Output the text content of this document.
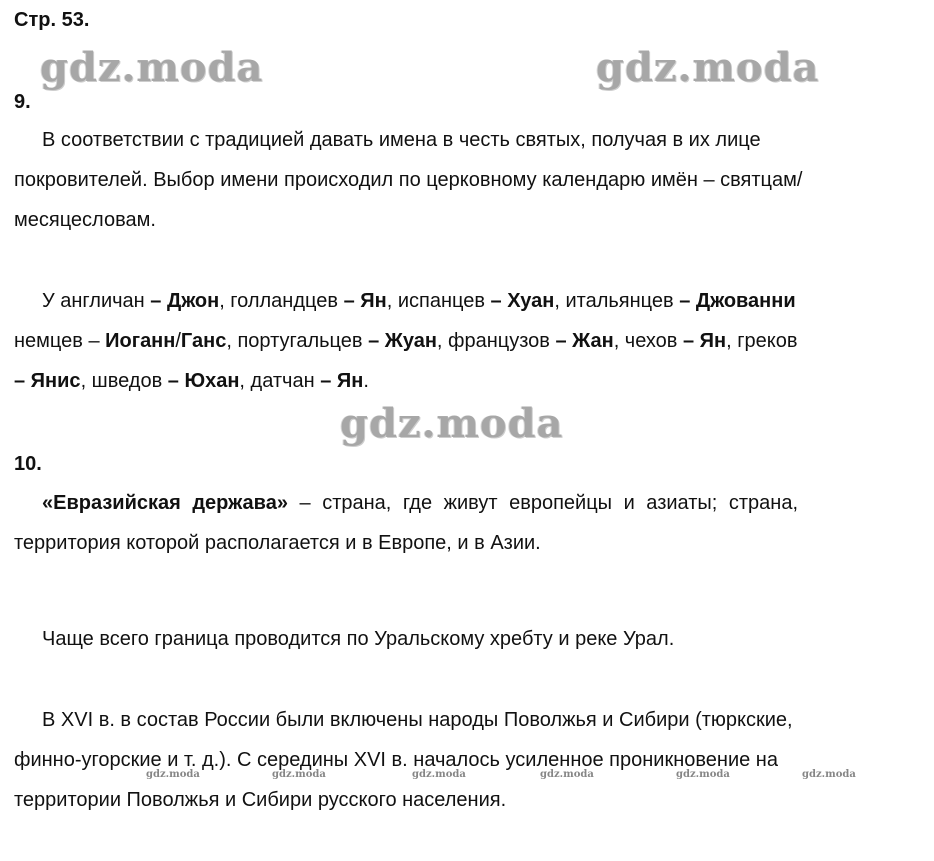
Стр. 53.
gdz.moda	gdz.moda
gdz.moda
9.
В соответствии с традицией давать имена в честь святых, получая в их лице
покровителей. Выбор имени происходил по церковному календарю имён – святцам/
месяцесловам.
У англичан – Джон, голландцев – Ян, испанцев – Хуан, итальянцев – Джованни
немцев – Иоганн/Ганс, португальцев – Жуан, французов – Жан, чехов – Ян, греков
– Янис, шведов – Юхан, датчан – Ян.
10.
«Евразийская держава» – страна, где живут европейцы и азиаты; страна,
территория которой располагается и в Европе, и в Азии.
Чаще всего граница проводится по Уральскому хребту и реке Урал.
В XVI в. в состав России были включены народы Поволжья и Сибири (тюркские,
финно-угорские и т. д.). С середины XVI в. началось усиленное проникновение на
территории Поволжья и Сибири русского населения.
gdz.moda	gdz.moda	gdz.moda	gdz.moda	gdz.moda	gdz.moda
